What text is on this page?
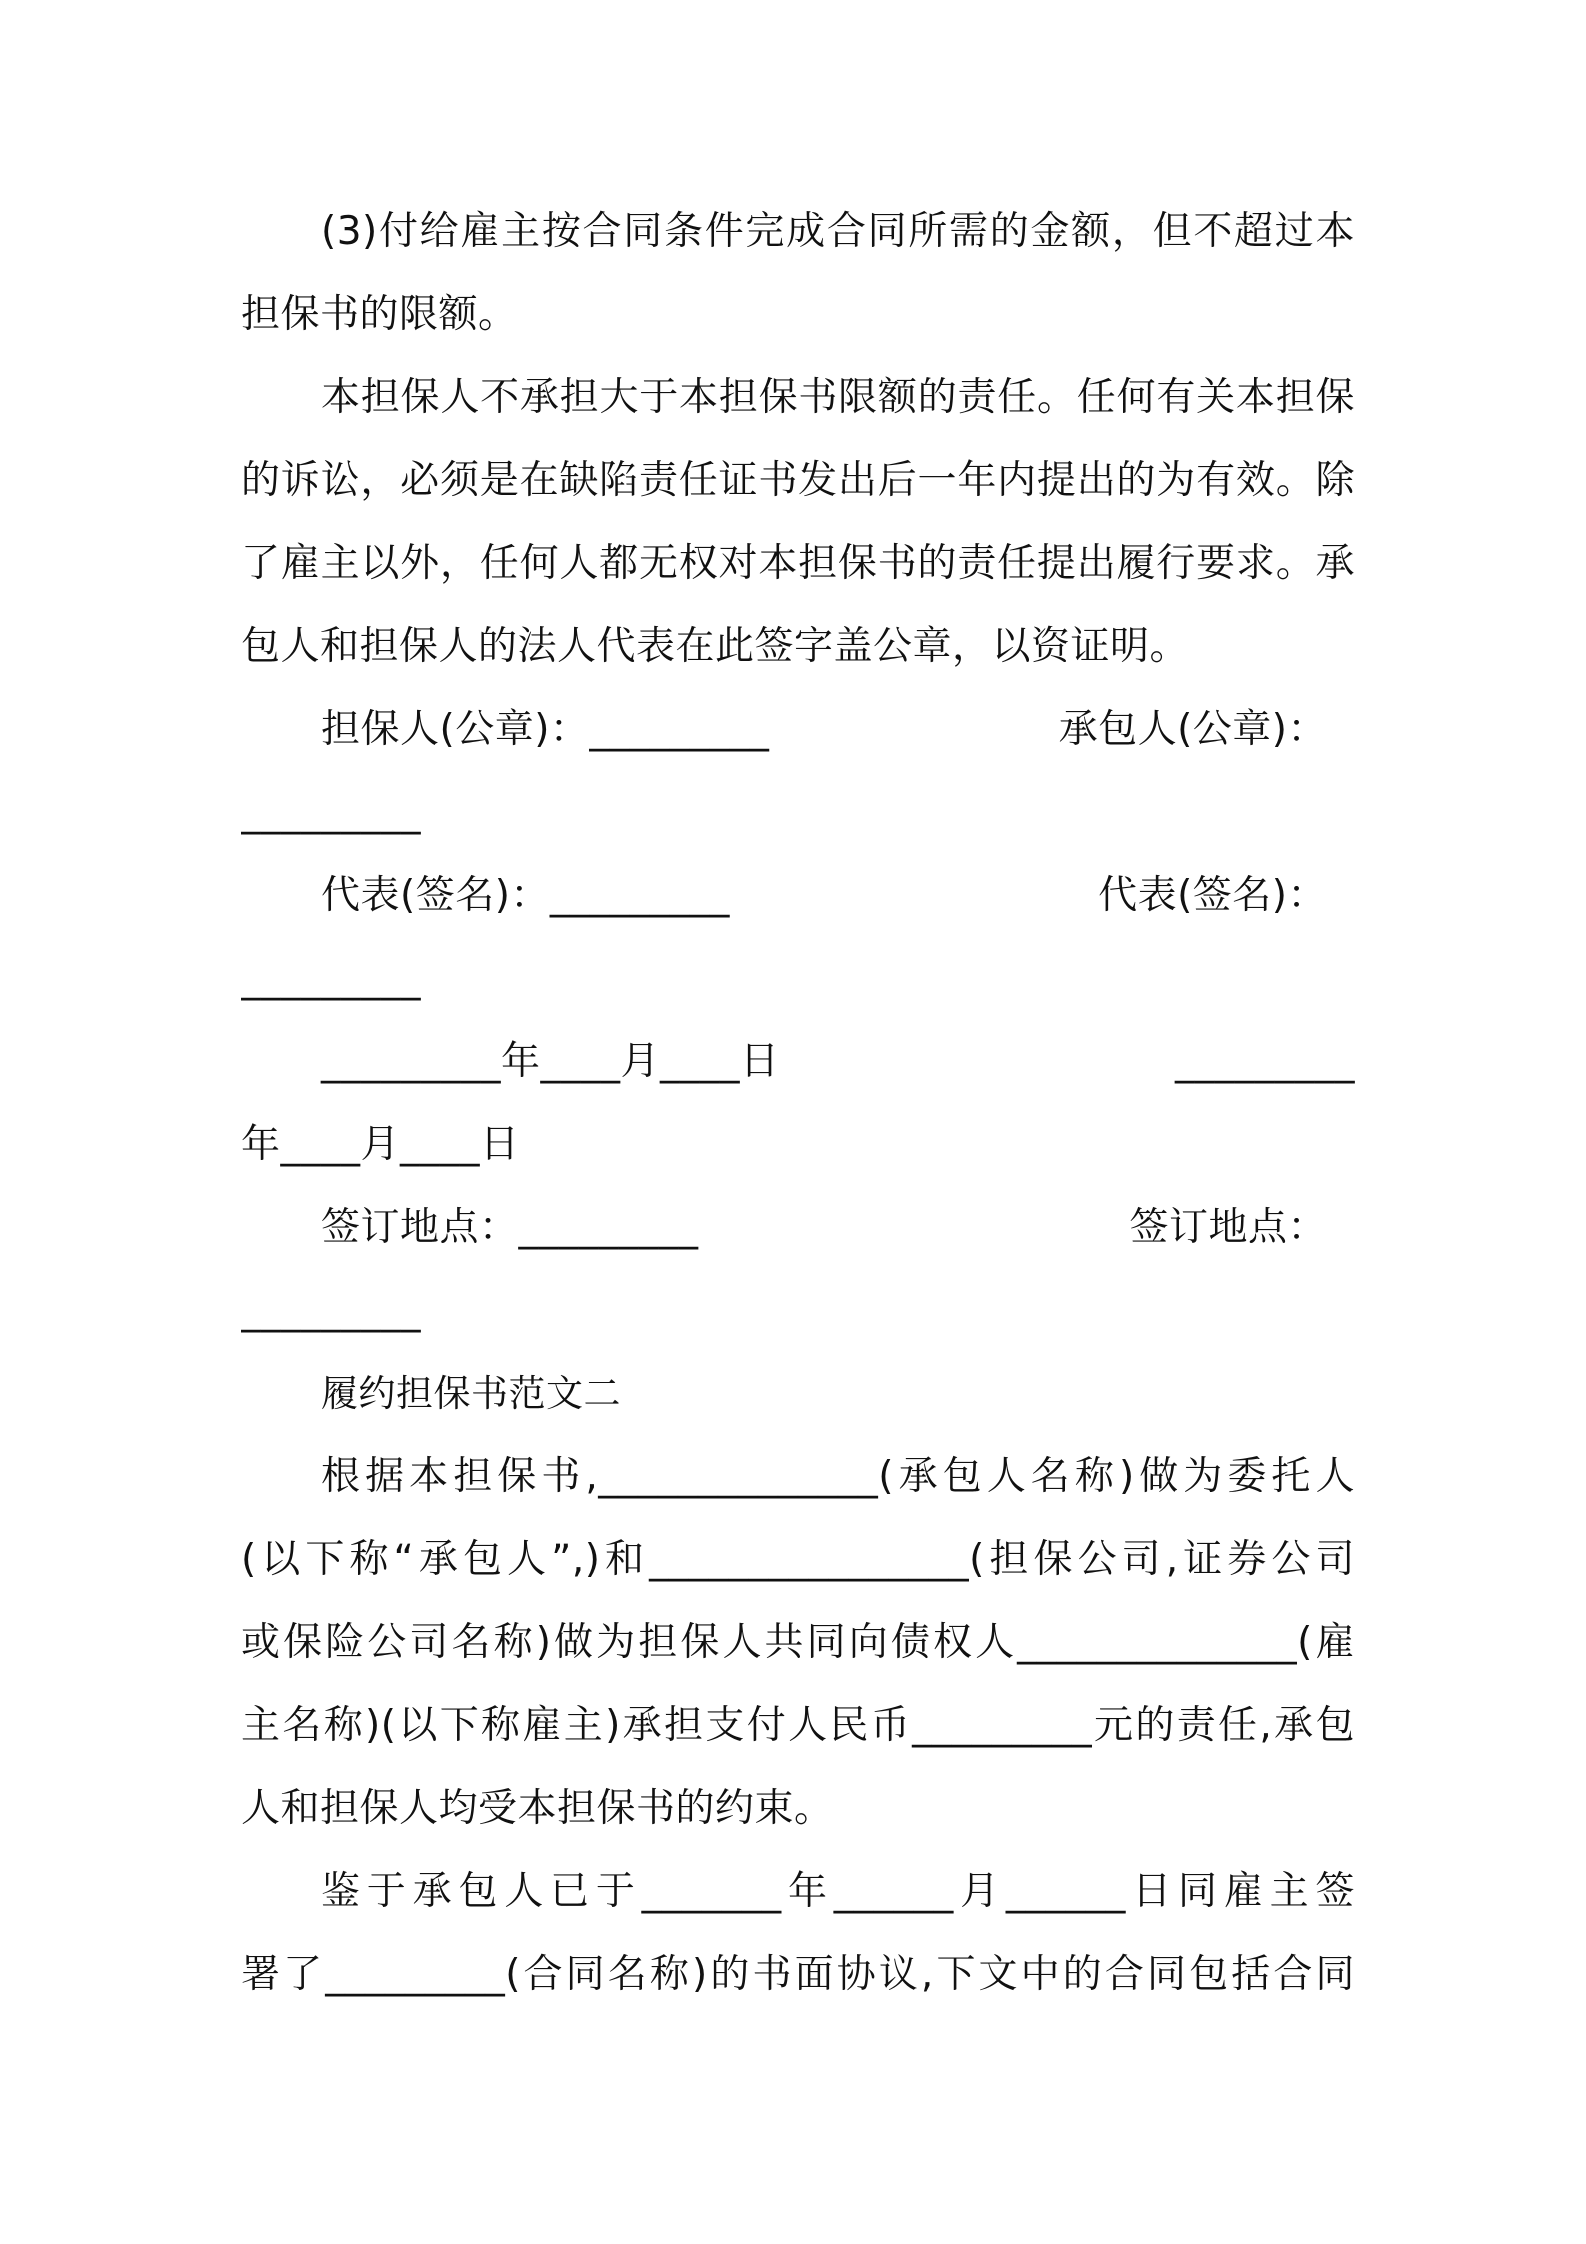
(3)付给雇主按合同条件完成合同所需的金额，但不超过本
担保书的限额。
本担保人不承担大于本担保书限额的责任。任何有关本担保
的诉讼，必须是在缺陷责任证书发出后一年内提出的为有效。除
了雇主以外，任何人都无权对本担保书的责任提出履行要求。承
包人和担保人的法人代表在此签字盖公章，以资证明。
担保人(公章)：_________	承包人(公章)：
_________
代表(签名)：_________	代表(签名)：
_________
_________年____月____日	_________
年____月____日
签订地点：_________	签订地点：
_________
履约担保书范文二
根据本担保书,______________(承包人名称)做为委托人
(以下称“承包人”,)和________________(担保公司,证券公司
或保险公司名称)做为担保人共同向债权人______________(雇
主名称)(以下称雇主)承担支付人民币_________元的责任,承包
人和担保人均受本担保书的约束。
鉴于承包人已于_______年______月______日同雇主签
署了_________(合同名称)的书面协议,下文中的合同包括合同
